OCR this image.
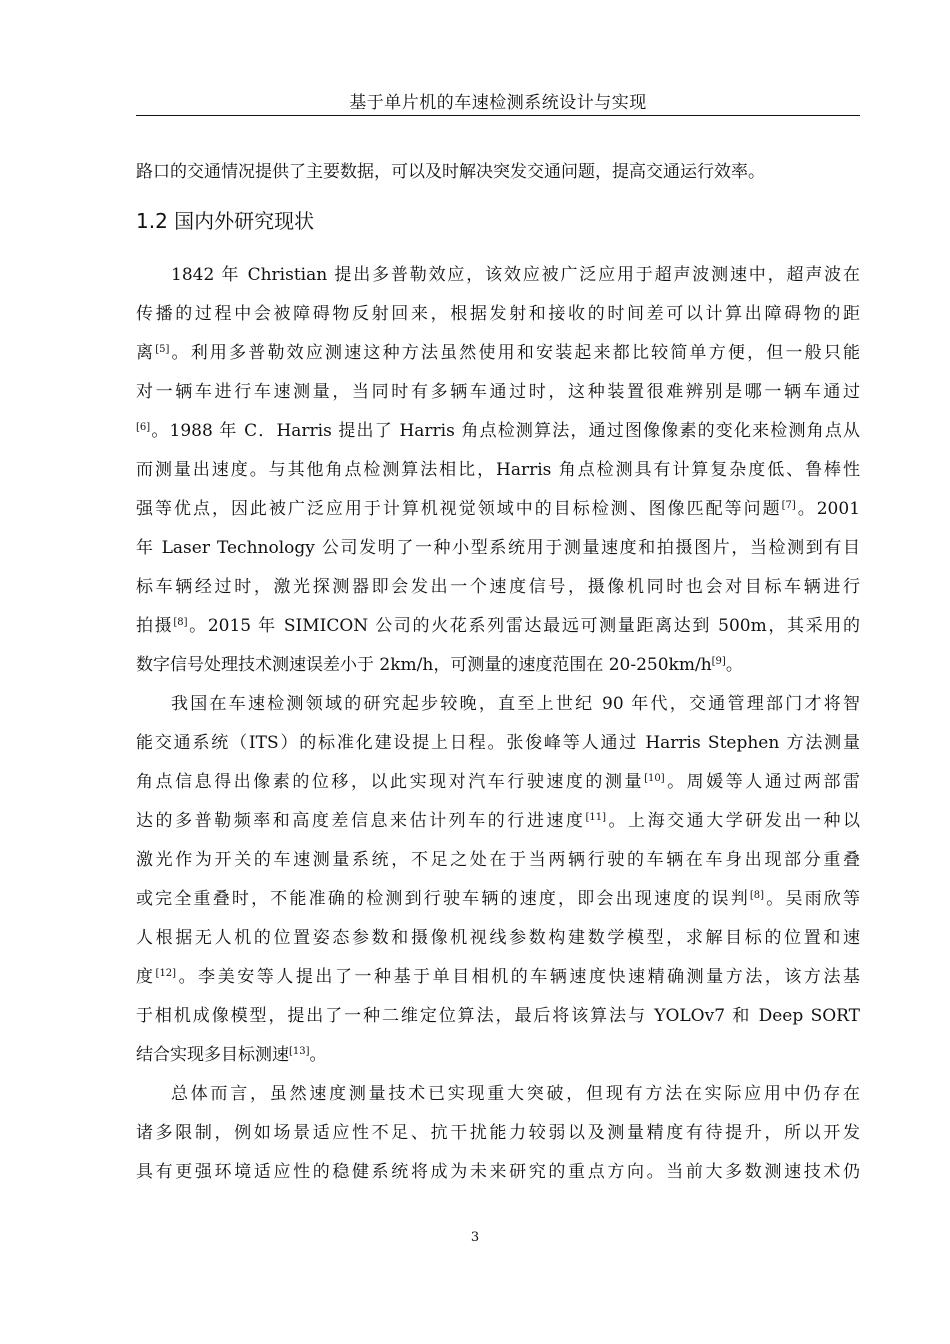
基于单片机的车速检测系统设计与实现
路口的交通情况提供了主要数据，可以及时解决突发交通问题，提高交通运行效率。
1.2 国内外研究现状
1842 年 Christian 提出多普勒效应，该效应被广泛应用于超声波测速中，超声波在
传播的过程中会被障碍物反射回来，根据发射和接收的时间差可以计算出障碍物的距
离[5]。利用多普勒效应测速这种方法虽然使用和安装起来都比较简单方便，但一般只能
对一辆车进行车速测量，当同时有多辆车通过时，这种装置很难辨别是哪一辆车通过
[6]。1988 年 C．Harris 提出了 Harris 角点检测算法，通过图像像素的变化来检测角点从
而测量出速度。与其他角点检测算法相比，Harris 角点检测具有计算复杂度低、鲁棒性
强等优点，因此被广泛应用于计算机视觉领域中的目标检测、图像匹配等问题[7]。2001
年 Laser Technology 公司发明了一种小型系统用于测量速度和拍摄图片，当检测到有目
标车辆经过时，激光探测器即会发出一个速度信号，摄像机同时也会对目标车辆进行
拍摄[8]。2015 年 SIMICON 公司的火花系列雷达最远可测量距离达到 500m，其采用的
数字信号处理技术测速误差小于 2km/h，可测量的速度范围在 20-250km/h[9]。
我国在车速检测领域的研究起步较晚，直至上世纪 90 年代，交通管理部门才将智
能交通系统（ITS）的标准化建设提上日程。张俊峰等人通过 Harris Stephen 方法测量
角点信息得出像素的位移，以此实现对汽车行驶速度的测量[10]。周媛等人通过两部雷
达的多普勒频率和高度差信息来估计列车的行进速度[11]。上海交通大学研发出一种以
激光作为开关的车速测量系统，不足之处在于当两辆行驶的车辆在车身出现部分重叠
或完全重叠时，不能准确的检测到行驶车辆的速度，即会出现速度的误判[8]。吴雨欣等
人根据无人机的位置姿态参数和摄像机视线参数构建数学模型，求解目标的位置和速
度[12]。李美安等人提出了一种基于单目相机的车辆速度快速精确测量方法，该方法基
于相机成像模型，提出了一种二维定位算法，最后将该算法与 YOLOv7 和 Deep SORT
结合实现多目标测速[13]。
总体而言，虽然速度测量技术已实现重大突破，但现有方法在实际应用中仍存在
诸多限制，例如场景适应性不足、抗干扰能力较弱以及测量精度有待提升，所以开发
具有更强环境适应性的稳健系统将成为未来研究的重点方向。当前大多数测速技术仍
3
